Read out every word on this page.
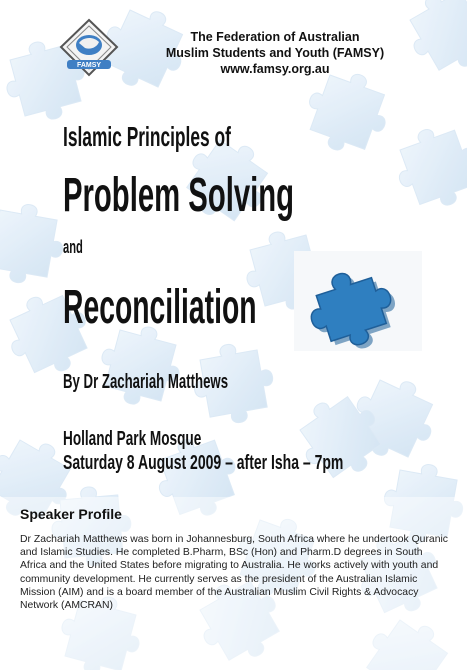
FAMSY
The Federation of Australian
Muslim Students and Youth (FAMSY)
www.famsy.org.au
Islamic Principles of
Problem Solving
and
Reconciliation
By Dr Zachariah Matthews
Holland Park Mosque
Saturday 8 August 2009 – after Isha – 7pm
Speaker Profile
Dr Zachariah Matthews was born in Johannesburg, South Africa where he undertook Quranic and Islamic Studies. He completed B.Pharm, BSc (Hon) and Pharm.D degrees in South Africa and the United States before migrating to Australia. He works actively with youth and community development. He currently serves as the president of the Australian Islamic Mission (AIM) and is a board member of the Australian Muslim Civil Rights & Advocacy Network (AMCRAN)
